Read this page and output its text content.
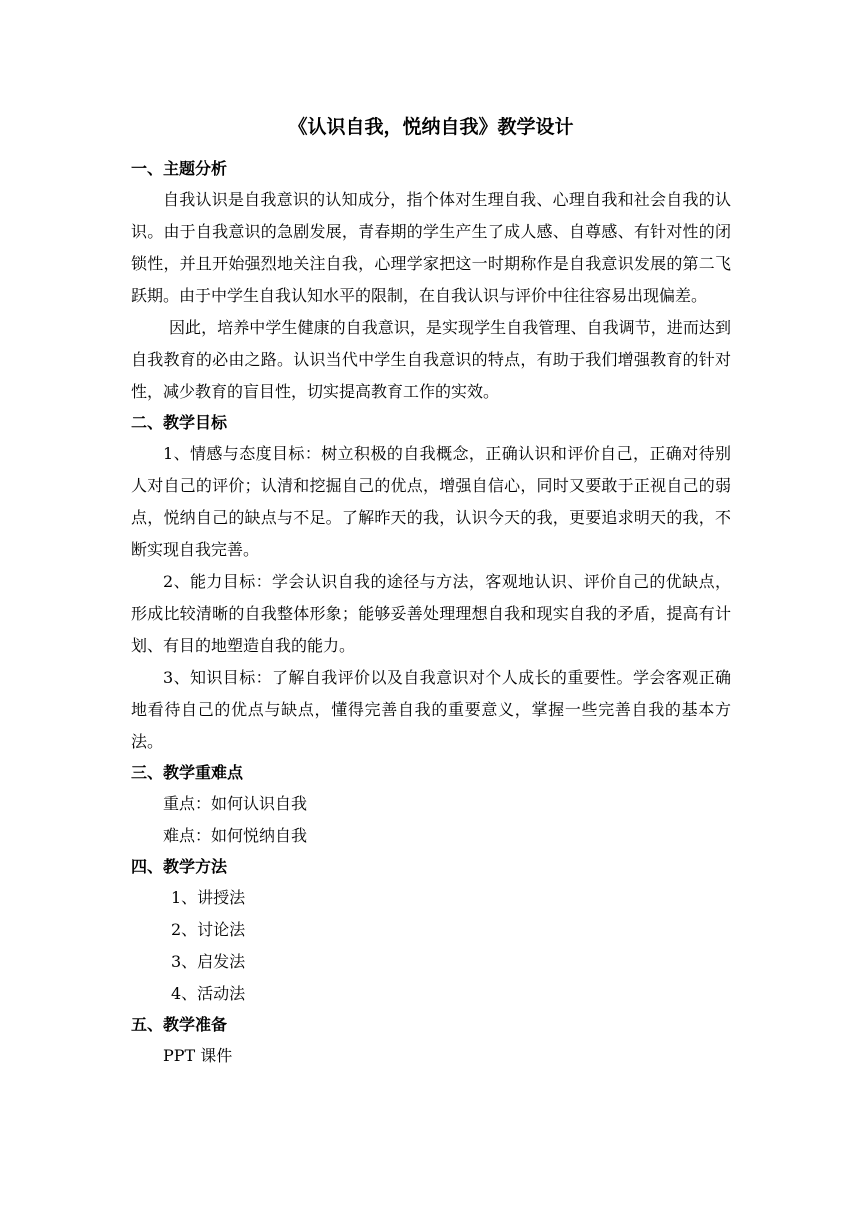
《认识自我，悦纳自我》教学设计
一、主题分析

自我认识是自我意识的认知成分，指个体对生理自我、心理自我和社会自我的认识。由于自我意识的急剧发展，青春期的学生产生了成人感、自尊感、有针对性的闭锁性，并且开始强烈地关注自我，心理学家把这一时期称作是自我意识发展的第二飞跃期。由于中学生自我认知水平的限制，在自我认识与评价中往往容易出现偏差。

因此，培养中学生健康的自我意识，是实现学生自我管理、自我调节，进而达到自我教育的必由之路。认识当代中学生自我意识的特点，有助于我们增强教育的针对性，减少教育的盲目性，切实提高教育工作的实效。

二、教学目标

1、情感与态度目标：树立积极的自我概念，正确认识和评价自己，正确对待别人对自己的评价；认清和挖掘自己的优点，增强自信心，同时又要敢于正视自己的弱点，悦纳自己的缺点与不足。了解昨天的我，认识今天的我，更要追求明天的我，不断实现自我完善。

2、能力目标：学会认识自我的途径与方法，客观地认识、评价自己的优缺点，形成比较清晰的自我整体形象；能够妥善处理理想自我和现实自我的矛盾，提高有计划、有目的地塑造自我的能力。

3、知识目标：了解自我评价以及自我意识对个人成长的重要性。学会客观正确地看待自己的优点与缺点，懂得完善自我的重要意义，掌握一些完善自我的基本方法。

三、教学重难点

重点：如何认识自我

难点：如何悦纳自我

四、教学方法

1、讲授法

2、讨论法

3、启发法

4、活动法

五、教学准备

PPT 课件
